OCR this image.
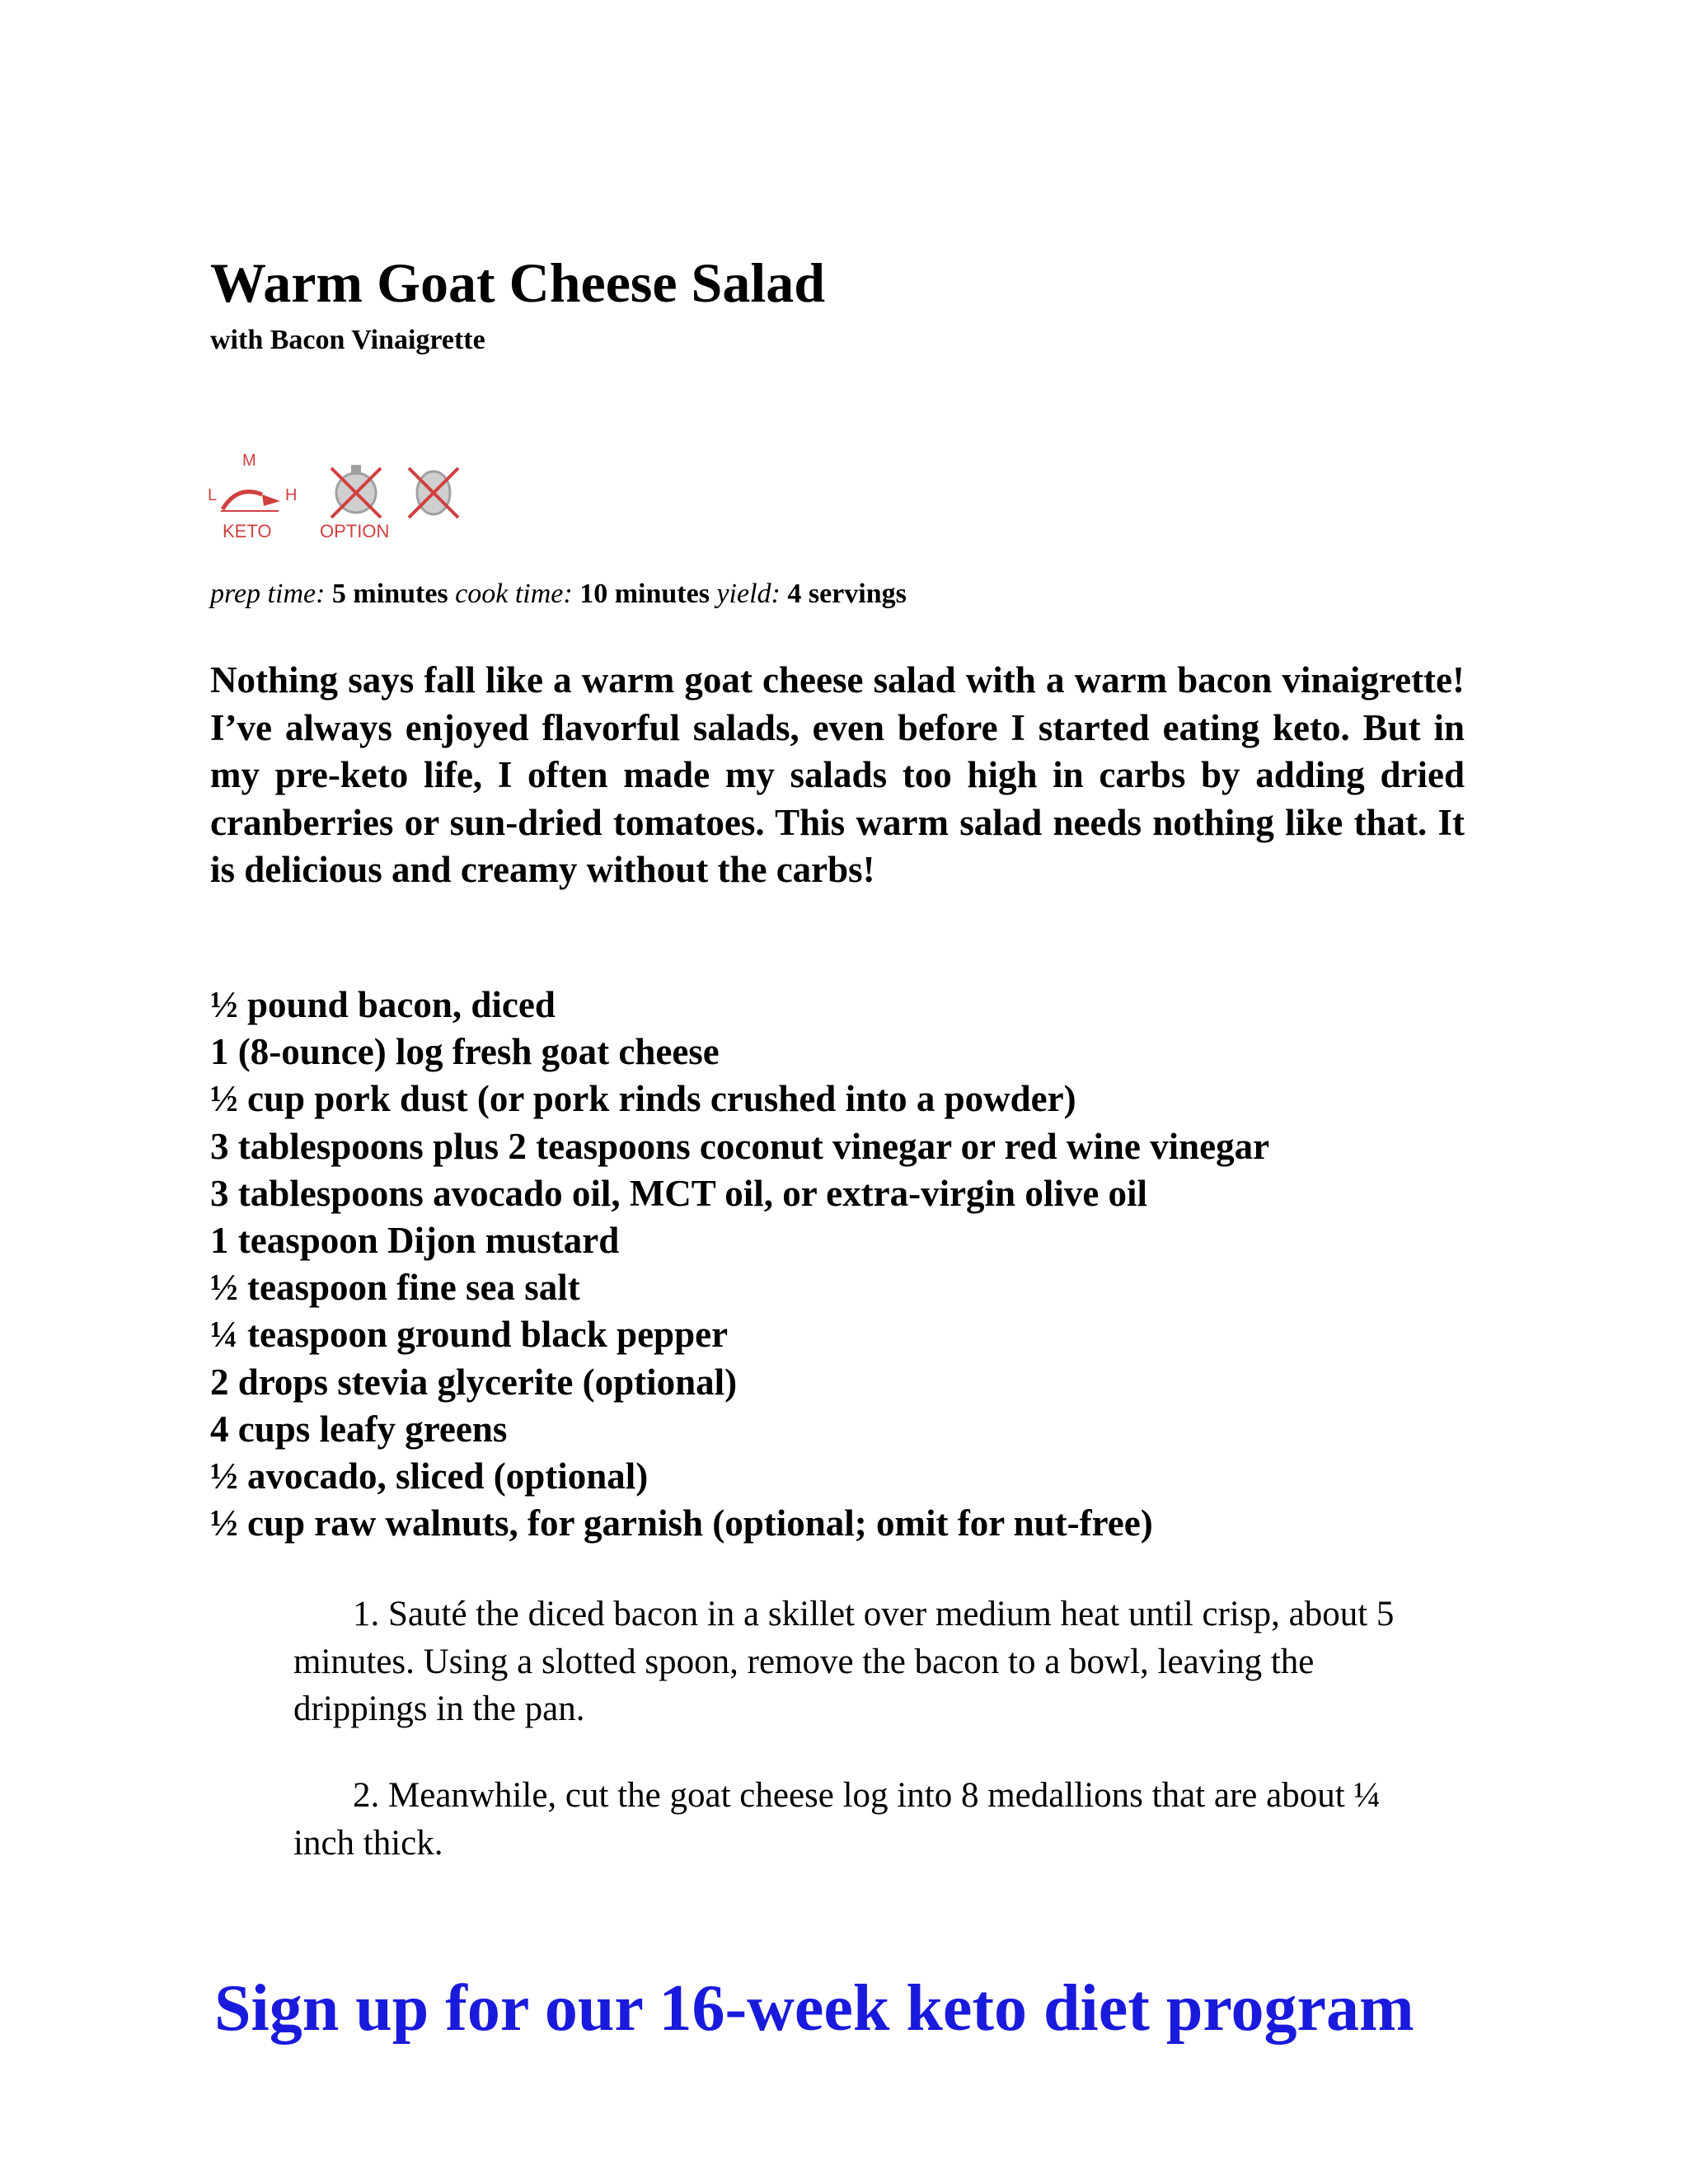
Warm Goat Cheese Salad
with Bacon Vinaigrette
M
L	H
KETO	OPTION
prep time: 5 minutes cook time: 10 minutes yield: 4 servings

Nothing says fall like a warm goat cheese salad with a warm bacon vinaigrette! I’ve always enjoyed flavorful salads, even before I started eating keto. But in my pre-keto life, I often made my salads too high in carbs by adding dried cranberries or sun-dried tomatoes. This warm salad needs nothing like that. It is delicious and creamy without the carbs!

½ pound bacon, diced
1 (8-ounce) log fresh goat cheese
½ cup pork dust (or pork rinds crushed into a powder)
3 tablespoons plus 2 teaspoons coconut vinegar or red wine vinegar
3 tablespoons avocado oil, MCT oil, or extra-virgin olive oil
1 teaspoon Dijon mustard
½ teaspoon fine sea salt
¼ teaspoon ground black pepper
2 drops stevia glycerite (optional)
4 cups leafy greens
½ avocado, sliced (optional)
½ cup raw walnuts, for garnish (optional; omit for nut-free)

1. Sauté the diced bacon in a skillet over medium heat until crisp, about 5 minutes. Using a slotted spoon, remove the bacon to a bowl, leaving the drippings in the pan.

2. Meanwhile, cut the goat cheese log into 8 medallions that are about ¼ inch thick.

Sign up for our 16-week keto diet program
